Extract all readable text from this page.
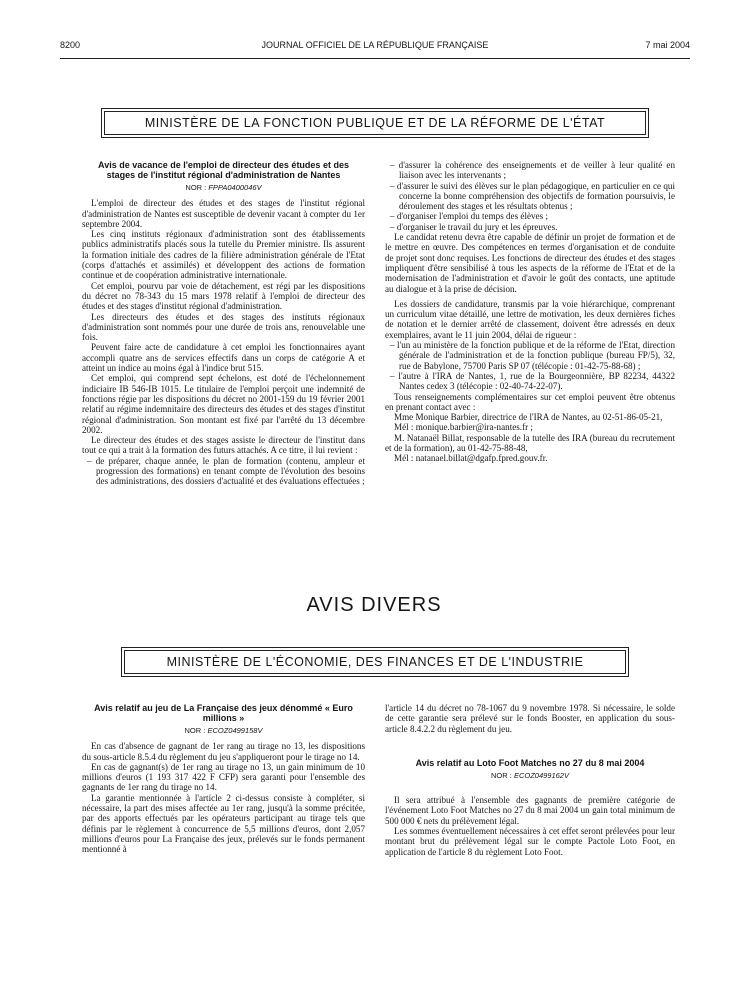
8200	JOURNAL OFFICIEL DE LA RÉPUBLIQUE FRANÇAISE	7 mai 2004
MINISTÈRE DE LA FONCTION PUBLIQUE ET DE LA RÉFORME DE L'ÉTAT
Avis de vacance de l'emploi de directeur des études et des stages de l'institut régional d'administration de Nantes
NOR : FPPA0400046V

L'emploi de directeur des études et des stages de l'institut régional d'administration de Nantes est susceptible de devenir vacant à compter du 1er septembre 2004.

Les cinq instituts régionaux d'administration sont des établissements publics administratifs placés sous la tutelle du Premier ministre. Ils assurent la formation initiale des cadres de la filière administration générale de l'Etat (corps d'attachés et assimilés) et développent des actions de formation continue et de coopération administrative internationale.

Cet emploi, pourvu par voie de détachement, est régi par les dispositions du décret no 78-343 du 15 mars 1978 relatif à l'emploi de directeur des études et des stages d'institut régional d'administration.

Les directeurs des études et des stages des instituts régionaux d'administration sont nommés pour une durée de trois ans, renouvelable une fois.

Peuvent faire acte de candidature à cet emploi les fonctionnaires ayant accompli quatre ans de services effectifs dans un corps de catégorie A et atteint un indice au moins égal à l'indice brut 515.

Cet emploi, qui comprend sept échelons, est doté de l'échelonnement indiciaire IB 546-IB 1015. Le titulaire de l'emploi perçoit une indemnité de fonctions régie par les dispositions du décret no 2001-159 du 19 février 2001 relatif au régime indemnitaire des directeurs des études et des stages d'institut régional d'administration. Son montant est fixé par l'arrêté du 13 décembre 2002.

Le directeur des études et des stages assiste le directeur de l'institut dans tout ce qui a trait à la formation des futurs attachés. A ce titre, il lui revient :

– de préparer, chaque année, le plan de formation (contenu, ampleur et progression des formations) en tenant compte de l'évolution des besoins des administrations, des dossiers d'actualité et des évaluations effectuées ;
– d'assurer la cohérence des enseignements et de veiller à leur qualité en liaison avec les intervenants ;
– d'assurer le suivi des élèves sur le plan pédagogique, en particulier en ce qui concerne la bonne compréhension des objectifs de formation poursuivis, le déroulement des stages et les résultats obtenus ;
– d'organiser l'emploi du temps des élèves ;
– d'organiser le travail du jury et les épreuves.

Le candidat retenu devra être capable de définir un projet de formation et de le mettre en œuvre. Des compétences en termes d'organisation et de conduite de projet sont donc requises. Les fonctions de directeur des études et des stages impliquent d'être sensibilisé à tous les aspects de la réforme de l'Etat et de la modernisation de l'administration et d'avoir le goût des contacts, une aptitude au dialogue et à la prise de décision.

Les dossiers de candidature, transmis par la voie hiérarchique, comprenant un curriculum vitae détaillé, une lettre de motivation, les deux dernières fiches de notation et le dernier arrêté de classement, doivent être adressés en deux exemplaires, avant le 11 juin 2004, délai de rigueur :

– l'un au ministère de la fonction publique et de la réforme de l'Etat, direction générale de l'administration et de la fonction publique (bureau FP/5), 32, rue de Babylone, 75700 Paris SP 07 (télécopie : 01-42-75-88-68) ;
– l'autre à l'IRA de Nantes, 1, rue de la Bourgeonnière, BP 82234, 44322 Nantes cedex 3 (télécopie : 02-40-74-22-07).

Tous renseignements complémentaires sur cet emploi peuvent être obtenus en prenant contact avec :

Mme Monique Barbier, directrice de l'IRA de Nantes, au 02-51-86-05-21,

Mél : monique.barbier@ira-nantes.fr ;

M. Natanaël Billat, responsable de la tutelle des IRA (bureau du recrutement et de la formation), au 01-42-75-88-48,

Mél : natanael.billat@dgafp.fpred.gouv.fr.

AVIS DIVERS
MINISTÈRE DE L'ÉCONOMIE, DES FINANCES ET DE L'INDUSTRIE
Avis relatif au jeu de La Française des jeux dénommé « Euro millions »
NOR : ECOZ0499158V

En cas d'absence de gagnant de 1er rang au tirage no 13, les dispositions du sous-article 8.5.4 du règlement du jeu s'appliqueront pour le tirage no 14.

En cas de gagnant(s) de 1er rang au tirage no 13, un gain minimum de 10 millions d'euros (1 193 317 422 F CFP) sera garanti pour l'ensemble des gagnants de 1er rang du tirage no 14.

La garantie mentionnée à l'article 2 ci-dessus consiste à compléter, si nécessaire, la part des mises affectée au 1er rang, jusqu'à la somme précitée, par des apports effectués par les opérateurs participant au tirage tels que définis par le règlement à concurrence de 5,5 millions d'euros, dont 2,057 millions d'euros pour La Française des jeux, prélevés sur le fonds permanent mentionné à

l'article 14 du décret no 78-1067 du 9 novembre 1978. Si nécessaire, le solde de cette garantie sera prélevé sur le fonds Booster, en application du sous-article 8.4.2.2 du règlement du jeu.

Avis relatif au Loto Foot Matches no 27 du 8 mai 2004
NOR : ECOZ0499162V

Il sera attribué à l'ensemble des gagnants de première catégorie de l'événement Loto Foot Matches no 27 du 8 mai 2004 un gain total minimum de 500 000 € nets du prélèvement légal.

Les sommes éventuellement nécessaires à cet effet seront prélevées pour leur montant brut du prélèvement légal sur le compte Pactole Loto Foot, en application de l'article 8 du règlement Loto Foot.
